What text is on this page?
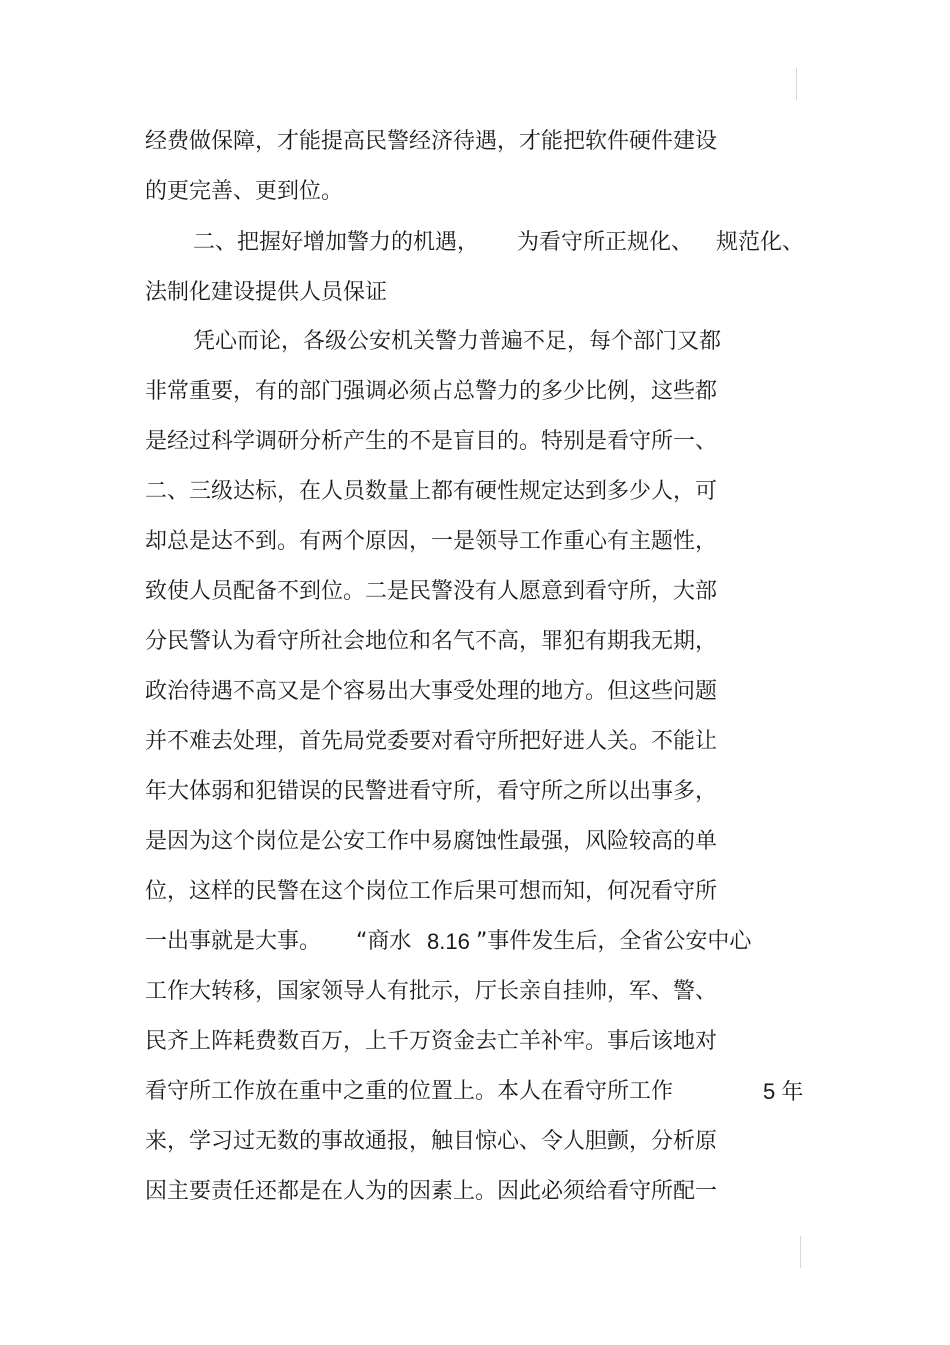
经费做保障，才能提高民警经济待遇，才能把软件硬件建设
的更完善、更到位。
二、把握好增加警力的机遇， 为看守所正规化、 规范化、
法制化建设提供人员保证
凭心而论，各级公安机关警力普遍不足，每个部门又都
非常重要，有的部门强调必须占总警力的多少比例，这些都
是经过科学调研分析产生的不是盲目的。特别是看守所一、
二、三级达标，在人员数量上都有硬性规定达到多少人，可
却总是达不到。有两个原因，一是领导工作重心有主题性，
致使人员配备不到位。二是民警没有人愿意到看守所，大部
分民警认为看守所社会地位和名气不高，罪犯有期我无期，
政治待遇不高又是个容易出大事受处理的地方。但这些问题
并不难去处理，首先局党委要对看守所把好进人关。不能让
年大体弱和犯错误的民警进看守所，看守所之所以出事多，
是因为这个岗位是公安工作中易腐蚀性最强，风险较高的单
位，这样的民警在这个岗位工作后果可想而知，何况看守所
一出事就是大事。 “商水 8.16 ”事件发生后，全省公安中心
工作大转移，国家领导人有批示，厅长亲自挂帅，军、警、
民齐上阵耗费数百万，上千万资金去亡羊补牢。事后该地对
看守所工作放在重中之重的位置上。本人在看守所工作	5 年
来，学习过无数的事故通报，触目惊心、令人胆颤，分析原
因主要责任还都是在人为的因素上。因此必须给看守所配一
